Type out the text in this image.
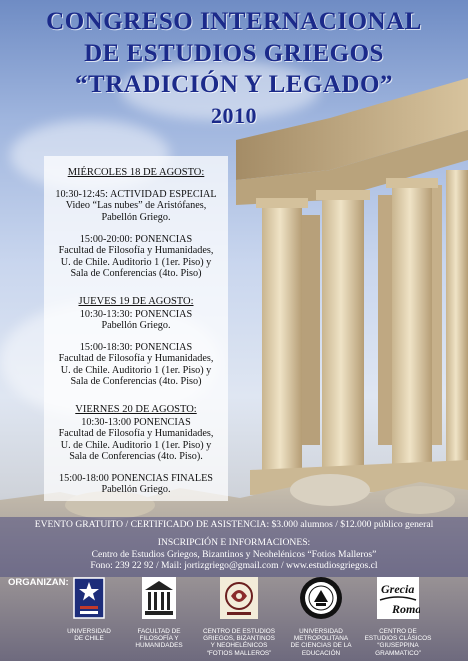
CONGRESO INTERNACIONAL
DE ESTUDIOS GRIEGOS
“TRADICIÓN Y LEGADO”
2010
MIÉRCOLES 18 DE AGOSTO:
10:30-12:45: ACTIVIDAD ESPECIAL
Video “Las nubes” de Aristófanes,
Pabellón Griego.
15:00-20:00: PONENCIAS
Facultad de Filosofía y Humanidades,
U. de Chile. Auditorio 1 (1er. Piso) y
Sala de Conferencias (4to. Piso)
JUEVES 19 DE AGOSTO:
10:30-13:30: PONENCIAS
Pabellón Griego.
15:00-18:30: PONENCIAS
Facultad de Filosofía y Humanidades,
U. de Chile. Auditorio 1 (1er. Piso) y
Sala de Conferencias (4to. Piso)
VIERNES 20 DE AGOSTO:
10:30-13:00 PONENCIAS
Facultad de Filosofía y Humanidades,
U. de Chile. Auditorio 1 (1er. Piso) y
Sala de Conferencias (4to. Piso).
15:00-18:00 PONENCIAS FINALES
Pabellón Griego.
EVENTO GRATUITO / CERTIFICADO DE ASISTENCIA: $3.000 alumnos / $12.000 público general
INSCRIPCIÓN E INFORMACIONES:
Centro de Estudios Griegos, Bizantinos y Neohelénicos “Fotios Malleros”
Fono: 239 22 92 / Mail: jortizgriego@gmail.com / www.estudiosgriegos.cl
ORGANIZAN:
UNIVERSIDAD
DE CHILE
FACULTAD DE
FILOSOFÍA Y
HUMANIDADES
CENTRO DE ESTUDIOS
GRIEGOS, BIZANTINOS
Y NEOHELÉNICOS
“FOTIOS MALLEROS”
UNIVERSIDAD
METROPOLITANA
DE CIENCIAS DE LA
EDUCACIÓN
Grecia
Roma
CENTRO DE
ESTUDIOS CLÁSICOS
“GIUSEPPINA
GRAMMATICO”
